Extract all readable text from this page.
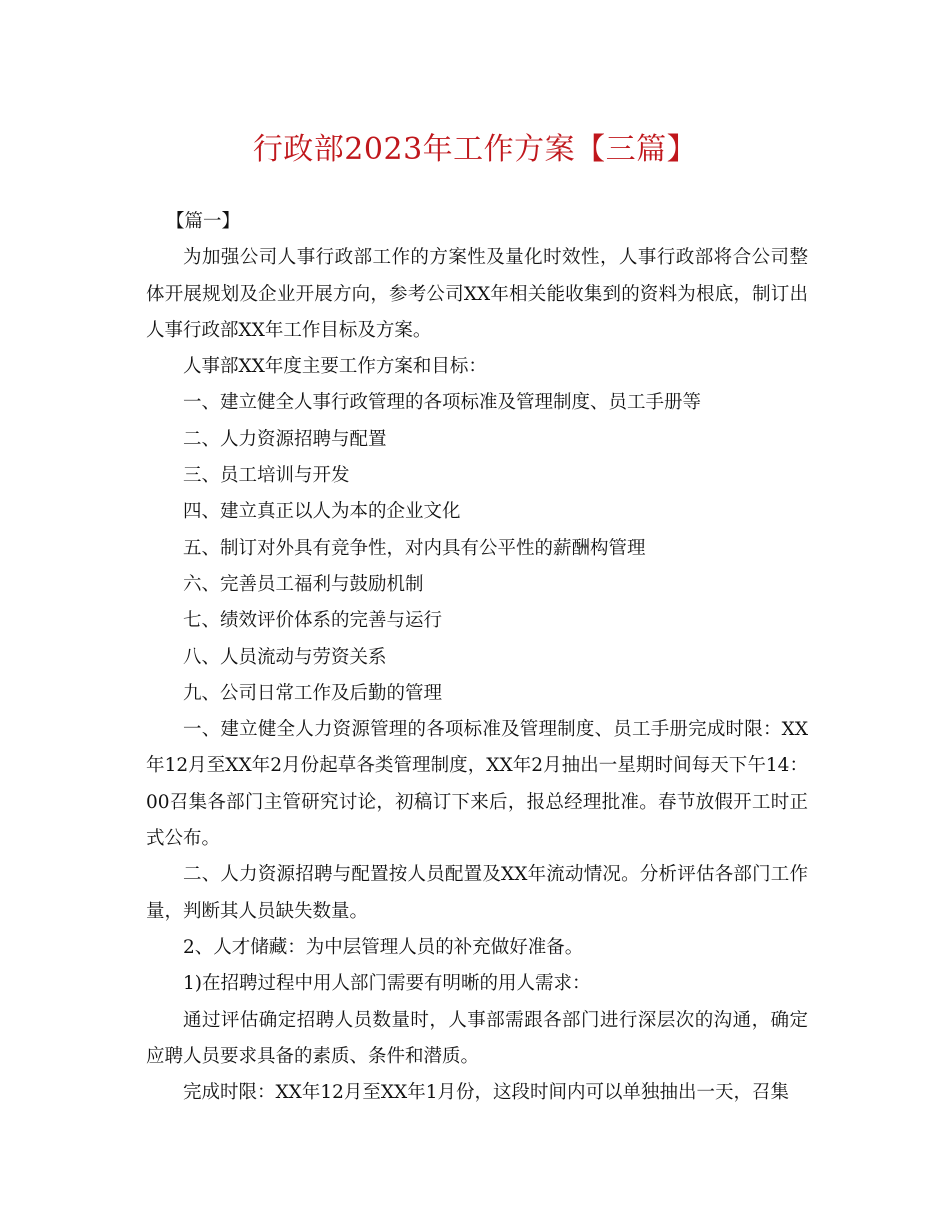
行政部2023年工作方案【三篇】

【篇一】

为加强公司人事行政部工作的方案性及量化时效性，人事行政部将合公司整体开展规划及企业开展方向，参考公司XX年相关能收集到的资料为根底，制订出人事行政部XX年工作目标及方案。

人事部XX年度主要工作方案和目标：

一、建立健全人事行政管理的各项标准及管理制度、员工手册等

二、人力资源招聘与配置

三、员工培训与开发

四、建立真正以人为本的企业文化

五、制订对外具有竞争性，对内具有公平性的薪酬构管理

六、完善员工福利与鼓励机制

七、绩效评价体系的完善与运行

八、人员流动与劳资关系

九、公司日常工作及后勤的管理

一、建立健全人力资源管理的各项标准及管理制度、员工手册完成时限：XX年12月至XX年2月份起草各类管理制度，XX年2月抽出一星期时间每天下午14：00召集各部门主管研究讨论，初稿订下来后，报总经理批准。春节放假开工时正式公布。

二、人力资源招聘与配置按人员配置及XX年流动情况。分析评估各部门工作量，判断其人员缺失数量。

2、人才储藏：为中层管理人员的补充做好准备。

1)在招聘过程中用人部门需要有明晰的用人需求：

通过评估确定招聘人员数量时，人事部需跟各部门进行深层次的沟通，确定应聘人员要求具备的素质、条件和潜质。

完成时限：XX年12月至XX年1月份，这段时间内可以单独抽出一天，召集
